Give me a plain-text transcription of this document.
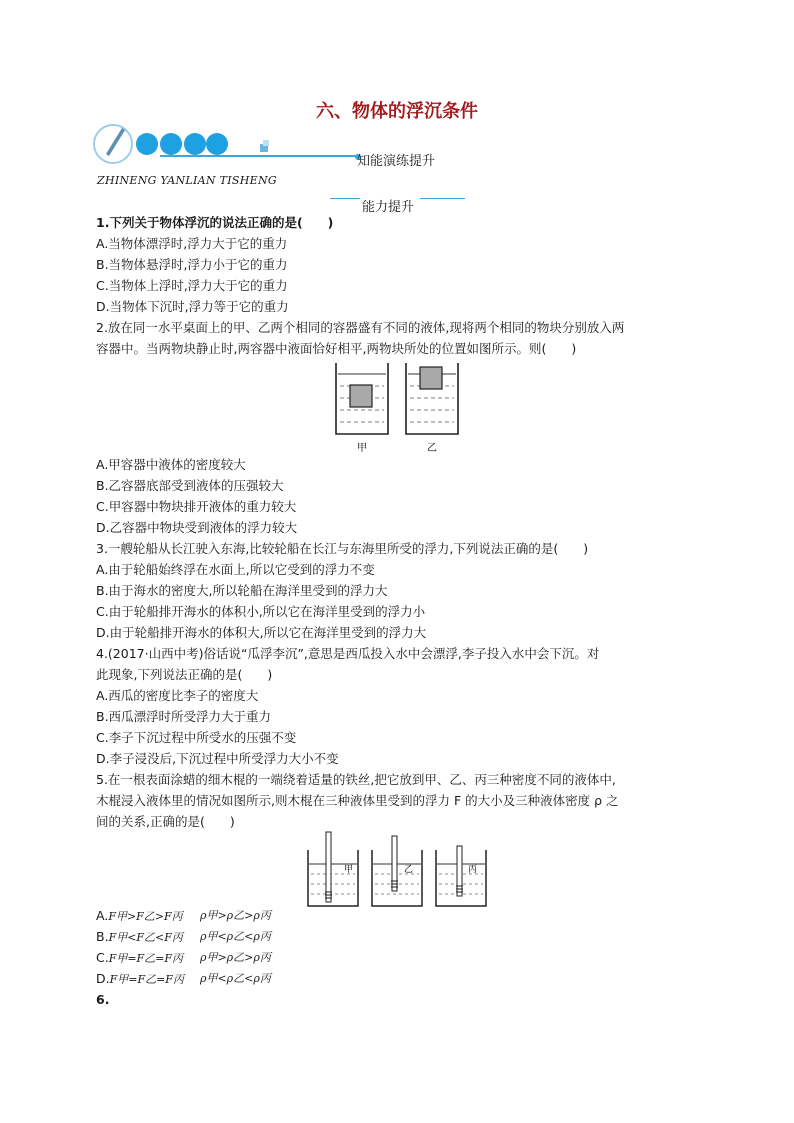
六、物体的浮沉条件
知能演练提升
ZHINENG YANLIAN TISHENG
能力提升
1.下列关于物体浮沉的说法正确的是(　　)
A.当物体漂浮时,浮力大于它的重力
B.当物体悬浮时,浮力小于它的重力
C.当物体上浮时,浮力大于它的重力
D.当物体下沉时,浮力等于它的重力
2.放在同一水平桌面上的甲、乙两个相同的容器盛有不同的液体,现将两个相同的物块分别放入两
容器中。当两物块静止时,两容器中液面恰好相平,两物块所处的位置如图所示。则(　　)
甲	乙
A.甲容器中液体的密度较大
B.乙容器底部受到液体的压强较大
C.甲容器中物块排开液体的重力较大
D.乙容器中物块受到液体的浮力较大
3.一艘轮船从长江驶入东海,比较轮船在长江与东海里所受的浮力,下列说法正确的是(　　)
A.由于轮船始终浮在水面上,所以它受到的浮力不变
B.由于海水的密度大,所以轮船在海洋里受到的浮力大
C.由于轮船排开海水的体积小,所以它在海洋里受到的浮力小
D.由于轮船排开海水的体积大,所以它在海洋里受到的浮力大
4.(2017·山西中考)俗话说“瓜浮李沉”,意思是西瓜投入水中会漂浮,李子投入水中会下沉。对
此现象,下列说法正确的是(　　)
A.西瓜的密度比李子的密度大
B.西瓜漂浮时所受浮力大于重力
C.李子下沉过程中所受水的压强不变
D.李子浸没后,下沉过程中所受浮力大小不变
5.在一根表面涂蜡的细木棍的一端绕着适量的铁丝,把它放到甲、乙、丙三种密度不同的液体中,
木棍浸入液体里的情况如图所示,则木棍在三种液体里受到的浮力 F 的大小及三种液体密度 ρ 之
间的关系,正确的是(　　)
甲	乙	丙
A.F甲>F乙>F丙 ρ甲>ρ乙>ρ丙
B.F甲<F乙<F丙 ρ甲<ρ乙<ρ丙
C.F甲=F乙=F丙 ρ甲>ρ乙>ρ丙
D.F甲=F乙=F丙 ρ甲<ρ乙<ρ丙
6.
